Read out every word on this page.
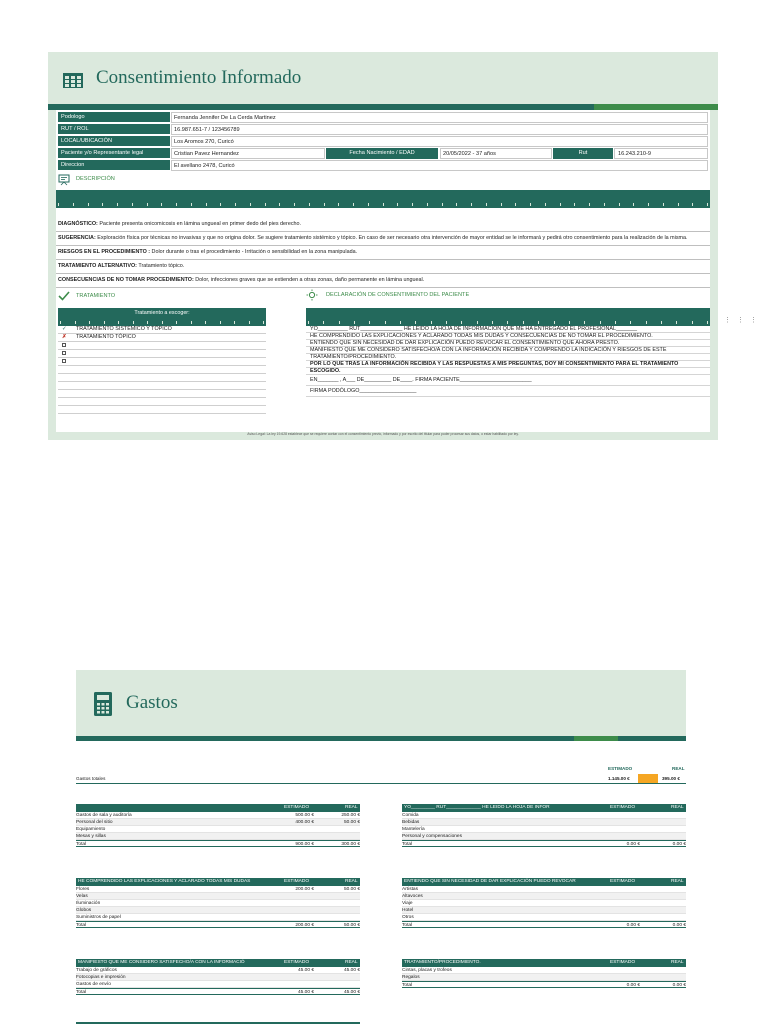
Consentimiento Informado
Podologo	Fernanda Jennifer De La Cerda Martinez
RUT / ROL	16.987.651-7 / 123456789
LOCAL/UBICACIÓN	Los Aromos 270, Curicó
Paciente y/o Representante legal	Cristian Pavez Hernandez	Fecha Nacimiento / EDAD	20/05/2022 - 37 años	Rut	16.243.210-9
Direccion	El avellano 2478, Curicó
DESCRIPCIÓN
DIAGNÓSTICO: Paciente presenta onicomicosis en lámina ungueal en primer dedo del pies derecho.
SUGERENCIA: Exploración física por técnicas no invasivas y que no origina dolor. Se sugiere tratamiento sistémico y tópico. En caso de ser necesario otra intervención de mayor entidad se le informará y pedirá otro consentimiento para la realización de la misma.
RIESGOS EN EL PROCEDIMIENTO : Dolor durante o tras el procedimiento - Irritación o sensibilidad en la zona manipulada.
TRATAMIENTO ALTERNATIVO: Tratamiento tópico.
CONSECUENCIAS DE NO TOMAR PROCEDIMIENTO: Dolor, infecciones graves que se extienden a otras zonas, daño permanente en lámina ungueal.
TRATAMIENTO
Tratamiento a escoger:
✓ TRATAMIENTO SISTÉMICO Y TÓPICO
✗ TRATAMIENTO TÓPICO
DECLARACIÓN DE CONSENTIMIENTO DEL PACIENTE
YO__________ RUT______________ HE LEIDO LA HOJA DE INFORMACIÓN QUE ME HA ENTREGADO EL PROFESIONAL_______
HE COMPRENDIDO LAS EXPLICACIONES Y ACLARADO TODAS MIS DUDAS Y CONSECUENCIAS DE NO TOMAR EL PROCEDIMIENTO.
ENTIENDO QUE SIN NECESIDAD DE DAR EXPLICACIÓN PUEDO REVOCAR EL CONSENTIMIENTO QUE AHORA PRESTO.
MANIFIESTO QUE ME CONSIDERO SATISFECHO/A CON LA INFORMACIÓN RECIBIDA Y COMPRENDO LA INDICACIÓN Y RIESGOS DE ESTE
TRATAMIENTO/PROCEDIMIENTO.
POR LO QUE TRAS LA INFORMACIÓN RECIBIDA Y LAS RESPUESTAS A MIS PREGUNTAS, DOY MI CONSENTIMIENTO PARA EL TRATAMIENTO
ESCOGIDO.
EN_______ , A___ DE_________ DE____. FIRMA PACIENTE________________________
FIRMA PODÓLOGO___________________
Aviso Legal: La ley 19.628 establece que se requiere contar con el consentimiento previo, informado y por escrito del titular para poder procesar sus datos, o estar habilitado por ley.
⋮⋮⋮
Gastos
ESTIMADO	REAL
Gastos totales	1.145.00 €	395.00 €
ESTIMADO	REAL
Gastos de sala y auditoría	500.00 €	250.00 €
Personal del sitio	400.00 €	50.00 €
Equipamiento
Mesas y sillas
Total	900.00 €	300.00 €
YO_________ RUT_____________ HE LEIDO LA HOJA DE INFOR	ESTIMADO	REAL
Comida
Bebidas
Mantelería
Personal y compensaciones
Total	0.00 €	0.00 €
HE COMPRENDIDO LAS EXPLICACIONES Y ACLARADO TODAS MIS DUDAS	ESTIMADO	REAL
Flores	200.00 €	50.00 €
Velas
Iluminación
Globos
Suministros de papel
Total	200.00 €	50.00 €
ENTIENDO QUE SIN NECESIDAD DE DAR EXPLICACIÓN PUEDO REVOCAR	ESTIMADO	REAL
Artistas
Altavoces
Viaje
Hotel
Otros
Total	0.00 €	0.00 €
MANIFIESTO QUE ME CONSIDERO SATISFECHO/A CON LA INFORMACIÓ	ESTIMADO	REAL
Trabajo de gráficos	45.00 €	45.00 €
Fotocopias e impresión
Gastos de envío
Total	45.00 €	45.00 €
TRATAMIENTO/PROCEDIMIENTO.	ESTIMADO	REAL
Cintas, placas y trofeos
Regalos
Total	0.00 €	0.00 €
